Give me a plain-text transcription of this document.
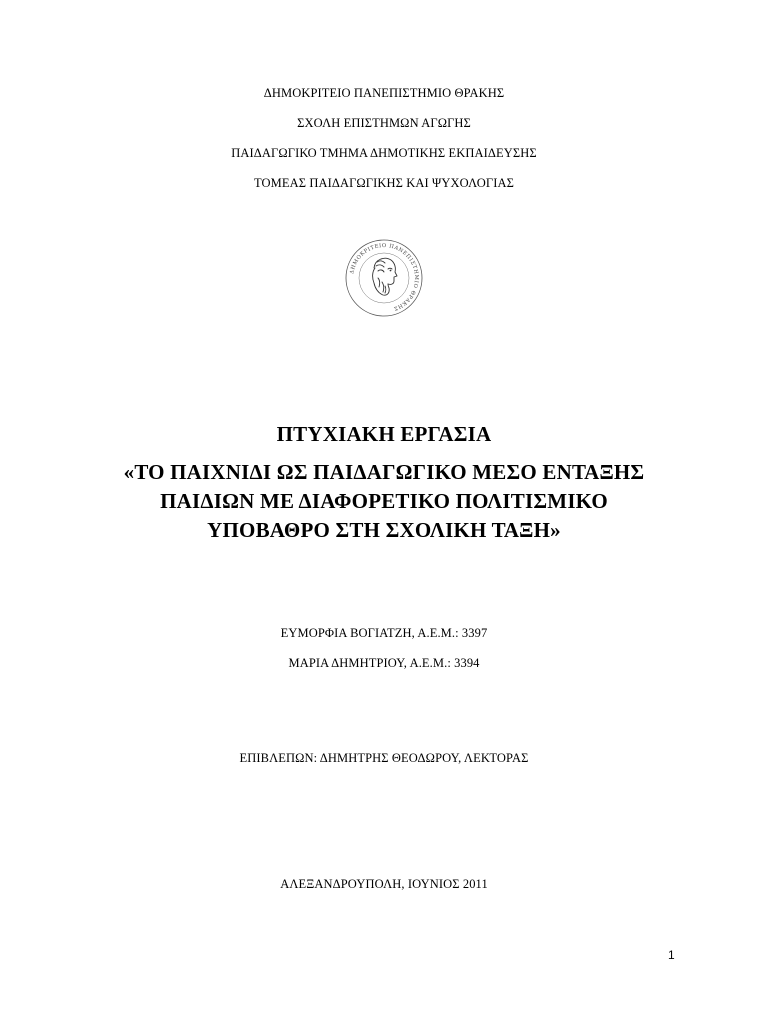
ΔΗΜΟΚΡΙΤΕΙΟ ΠΑΝΕΠΙΣΤΗΜΙΟ ΘΡΑΚΗΣ
ΣΧΟΛΗ ΕΠΙΣΤΗΜΩΝ ΑΓΩΓΗΣ
ΠΑΙΔΑΓΩΓΙΚΟ ΤΜΗΜΑ ΔΗΜΟΤΙΚΗΣ ΕΚΠΑΙΔΕΥΣΗΣ
ΤΟΜΕΑΣ ΠΑΙΔΑΓΩΓΙΚΗΣ ΚΑΙ ΨΥΧΟΛΟΓΙΑΣ
ΔΗΜΟΚΡΙΤΕΙΟ ΠΑΝΕΠΙΣΤΗΜΙΟ ΘΡΑΚΗΣ
ΠΤΥΧΙΑΚΗ ΕΡΓΑΣΙΑ
«ΤΟ ΠΑΙΧΝΙΔΙ ΩΣ ΠΑΙΔΑΓΩΓΙΚΟ ΜΕΣΟ ΕΝΤΑΞΗΣ
ΠΑΙΔΙΩΝ ΜΕ ΔΙΑΦΟΡΕΤΙΚΟ ΠΟΛΙΤΙΣΜΙΚΟ
ΥΠΟΒΑΘΡΟ ΣΤΗ ΣΧΟΛΙΚΗ ΤΑΞΗ»
ΕΥΜΟΡΦΙΑ ΒΟΓΙΑΤΖΗ, Α.Ε.Μ.: 3397
ΜΑΡΙΑ ΔΗΜΗΤΡΙΟΥ, Α.Ε.Μ.: 3394
ΕΠΙΒΛΕΠΩΝ: ΔΗΜΗΤΡΗΣ ΘΕΟΔΩΡΟΥ, ΛΕΚΤΟΡΑΣ
ΑΛΕΞΑΝΔΡΟΥΠΟΛΗ, ΙΟΥΝΙΟΣ 2011
1
